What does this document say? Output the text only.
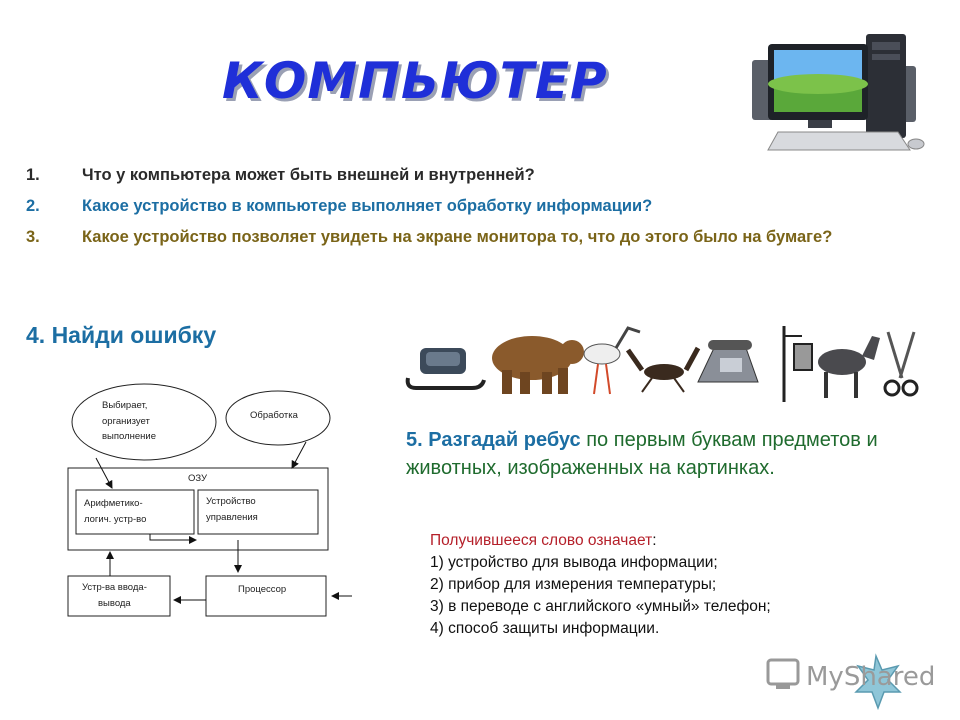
КОМПЬЮТЕР
1.	Что у компьютера может быть внешней и внутренней?
2.	Какое устройство в компьютере выполняет обработку информации?
3.	Какое устройство позволяет увидеть на экране монитора то, что до этого было на бумаге?
4. Найди ошибку
Выбирает,
организует
выполнение
Обработка
ОЗУ
Арифметико-
логич. устр-во
Устройство
управления
Устр-ва ввода-
вывода
Процессор
5. Разгадай ребус по первым буквам предметов и животных, изображенных на картинках.
Получившееся слово означает:
1) устройство для вывода информации;
2) прибор для измерения температуры;
3) в переводе с английского «умный» телефон;
4) способ защиты информации.
MyShared
